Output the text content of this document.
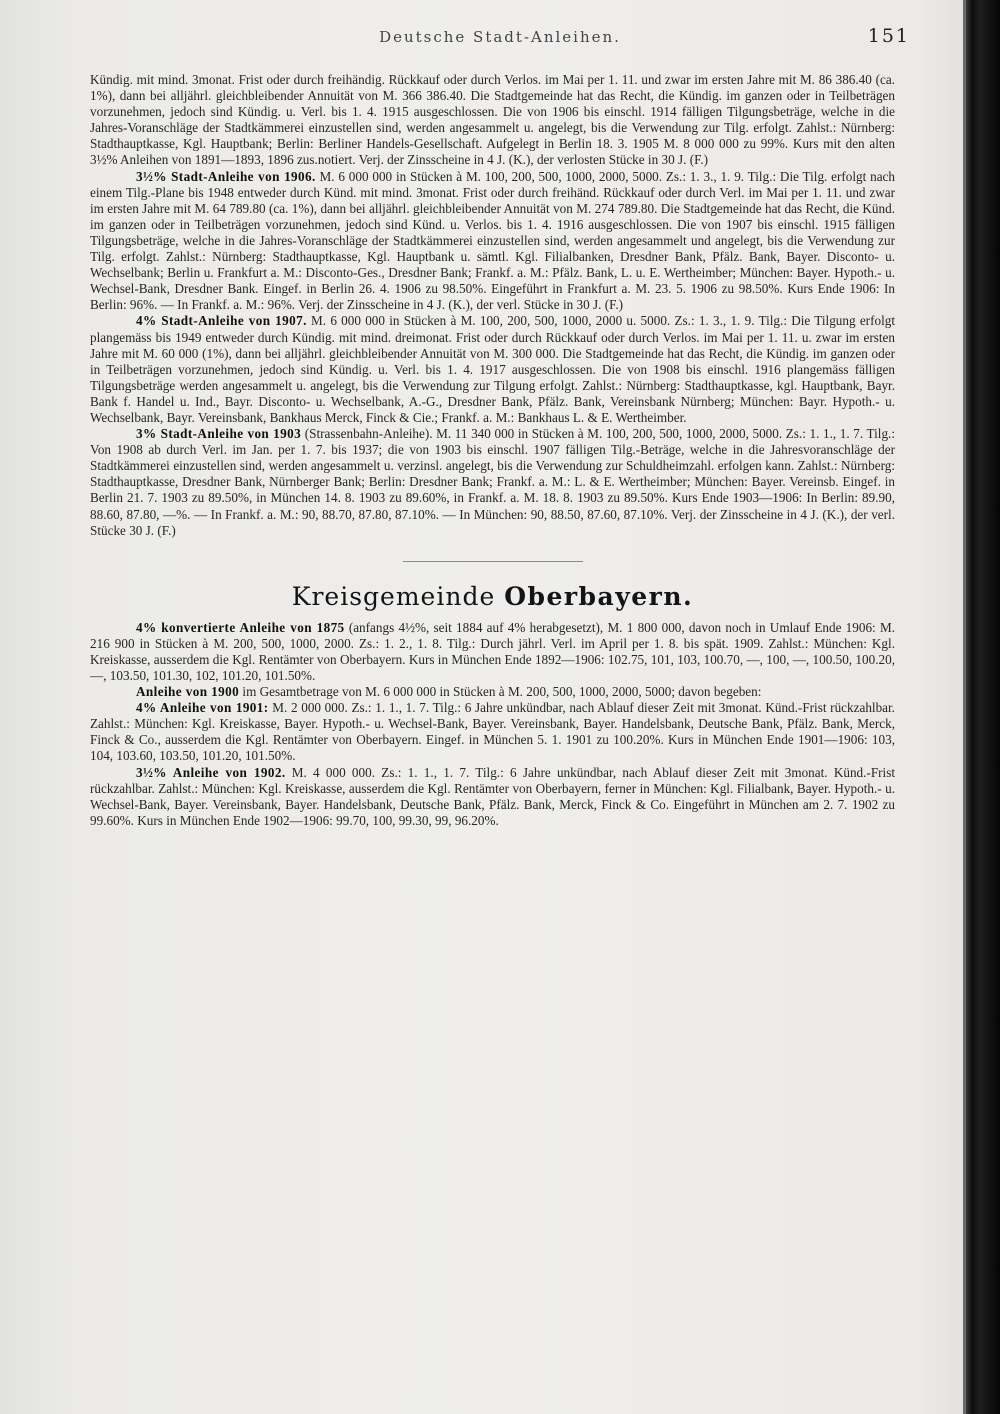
Deutsche Stadt-Anleihen.	151

Kündig. mit mind. 3monat. Frist oder durch freihändig. Rückkauf oder durch Verlos. im Mai per 1. 11. und zwar im ersten Jahre mit M. 86 386.40 (ca. 1%), dann bei alljährl. gleichbleibender Annuität von M. 366 386.40. Die Stadtgemeinde hat das Recht, die Kündig. im ganzen oder in Teilbeträgen vorzunehmen, jedoch sind Kündig. u. Verl. bis 1. 4. 1915 ausgeschlossen. Die von 1906 bis einschl. 1914 fälligen Tilgungsbeträge, welche in die Jahres-Voranschläge der Stadtkämmerei einzustellen sind, werden angesammelt u. angelegt, bis die Verwendung zur Tilg. erfolgt. Zahlst.: Nürnberg: Stadthauptkasse, Kgl. Hauptbank; Berlin: Berliner Handels-Gesellschaft. Aufgelegt in Berlin 18. 3. 1905 M. 8 000 000 zu 99%. Kurs mit den alten 3½% Anleihen von 1891—1893, 1896 zus.notiert. Verj. der Zinsscheine in 4 J. (K.), der verlosten Stücke in 30 J. (F.)

3½% Stadt-Anleihe von 1906. M. 6 000 000 in Stücken à M. 100, 200, 500, 1000, 2000, 5000. Zs.: 1. 3., 1. 9. Tilg.: Die Tilg. erfolgt nach einem Tilg.-Plane bis 1948 entweder durch Künd. mit mind. 3monat. Frist oder durch freihänd. Rückkauf oder durch Verl. im Mai per 1. 11. und zwar im ersten Jahre mit M. 64 789.80 (ca. 1%), dann bei alljährl. gleichbleibender Annuität von M. 274 789.80. Die Stadtgemeinde hat das Recht, die Künd. im ganzen oder in Teilbeträgen vorzunehmen, jedoch sind Künd. u. Verlos. bis 1. 4. 1916 ausgeschlossen. Die von 1907 bis einschl. 1915 fälligen Tilgungsbeträge, welche in die Jahres-Voranschläge der Stadtkämmerei einzustellen sind, werden angesammelt und angelegt, bis die Verwendung zur Tilg. erfolgt. Zahlst.: Nürnberg: Stadthauptkasse, Kgl. Hauptbank u. sämtl. Kgl. Filialbanken, Dresdner Bank, Pfälz. Bank, Bayer. Disconto- u. Wechselbank; Berlin u. Frankfurt a. M.: Disconto-Ges., Dresdner Bank; Frankf. a. M.: Pfälz. Bank, L. u. E. Wertheimber; München: Bayer. Hypoth.- u. Wechsel-Bank, Dresdner Bank. Eingef. in Berlin 26. 4. 1906 zu 98.50%. Eingeführt in Frankfurt a. M. 23. 5. 1906 zu 98.50%. Kurs Ende 1906: In Berlin: 96%. — In Frankf. a. M.: 96%. Verj. der Zinsscheine in 4 J. (K.), der verl. Stücke in 30 J. (F.)

4% Stadt-Anleihe von 1907. M. 6 000 000 in Stücken à M. 100, 200, 500, 1000, 2000 u. 5000. Zs.: 1. 3., 1. 9. Tilg.: Die Tilgung erfolgt plangemäss bis 1949 entweder durch Kündig. mit mind. dreimonat. Frist oder durch Rückkauf oder durch Verlos. im Mai per 1. 11. u. zwar im ersten Jahre mit M. 60 000 (1%), dann bei alljährl. gleichbleibender Annuität von M. 300 000. Die Stadtgemeinde hat das Recht, die Kündig. im ganzen oder in Teilbeträgen vorzunehmen, jedoch sind Kündig. u. Verl. bis 1. 4. 1917 ausgeschlossen. Die von 1908 bis einschl. 1916 plangemäss fälligen Tilgungsbeträge werden angesammelt u. angelegt, bis die Verwendung zur Tilgung erfolgt. Zahlst.: Nürnberg: Stadthauptkasse, kgl. Hauptbank, Bayr. Bank f. Handel u. Ind., Bayr. Disconto- u. Wechselbank, A.-G., Dresdner Bank, Pfälz. Bank, Vereinsbank Nürnberg; München: Bayr. Hypoth.- u. Wechselbank, Bayr. Vereinsbank, Bankhaus Merck, Finck & Cie.; Frankf. a. M.: Bankhaus L. & E. Wertheimber.

3% Stadt-Anleihe von 1903 (Strassenbahn-Anleihe). M. 11 340 000 in Stücken à M. 100, 200, 500, 1000, 2000, 5000. Zs.: 1. 1., 1. 7. Tilg.: Von 1908 ab durch Verl. im Jan. per 1. 7. bis 1937; die von 1903 bis einschl. 1907 fälligen Tilg.-Beträge, welche in die Jahresvoranschläge der Stadtkämmerei einzustellen sind, werden angesammelt u. verzinsl. angelegt, bis die Verwendung zur Schuldheimzahl. erfolgen kann. Zahlst.: Nürnberg: Stadthauptkasse, Dresdner Bank, Nürnberger Bank; Berlin: Dresdner Bank; Frankf. a. M.: L. & E. Wertheimber; München: Bayer. Vereinsb. Eingef. in Berlin 21. 7. 1903 zu 89.50%, in München 14. 8. 1903 zu 89.60%, in Frankf. a. M. 18. 8. 1903 zu 89.50%. Kurs Ende 1903—1906: In Berlin: 89.90, 88.60, 87.80, —%. — In Frankf. a. M.: 90, 88.70, 87.80, 87.10%. — In München: 90, 88.50, 87.60, 87.10%. Verj. der Zinsscheine in 4 J. (K.), der verl. Stücke 30 J. (F.)

Kreisgemeinde Oberbayern.

4% konvertierte Anleihe von 1875 (anfangs 4½%, seit 1884 auf 4% herabgesetzt), M. 1 800 000, davon noch in Umlauf Ende 1906: M. 216 900 in Stücken à M. 200, 500, 1000, 2000. Zs.: 1. 2., 1. 8. Tilg.: Durch jährl. Verl. im April per 1. 8. bis spät. 1909. Zahlst.: München: Kgl. Kreiskasse, ausserdem die Kgl. Rentämter von Oberbayern. Kurs in München Ende 1892—1906: 102.75, 101, 103, 100.70, —, 100, —, 100.50, 100.20, —, 103.50, 101.30, 102, 101.20, 101.50%.

Anleihe von 1900 im Gesamtbetrage von M. 6 000 000 in Stücken à M. 200, 500, 1000, 2000, 5000; davon begeben:

4% Anleihe von 1901: M. 2 000 000. Zs.: 1. 1., 1. 7. Tilg.: 6 Jahre unkündbar, nach Ablauf dieser Zeit mit 3monat. Künd.-Frist rückzahlbar. Zahlst.: München: Kgl. Kreiskasse, Bayer. Hypoth.- u. Wechsel-Bank, Bayer. Vereinsbank, Bayer. Handelsbank, Deutsche Bank, Pfälz. Bank, Merck, Finck & Co., ausserdem die Kgl. Rentämter von Oberbayern. Eingef. in München 5. 1. 1901 zu 100.20%. Kurs in München Ende 1901—1906: 103, 104, 103.60, 103.50, 101.20, 101.50%.

3½% Anleihe von 1902. M. 4 000 000. Zs.: 1. 1., 1. 7. Tilg.: 6 Jahre unkündbar, nach Ablauf dieser Zeit mit 3monat. Künd.-Frist rückzahlbar. Zahlst.: München: Kgl. Kreiskasse, ausserdem die Kgl. Rentämter von Oberbayern, ferner in München: Kgl. Filialbank, Bayer. Hypoth.- u. Wechsel-Bank, Bayer. Vereinsbank, Bayer. Handelsbank, Deutsche Bank, Pfälz. Bank, Merck, Finck & Co. Eingeführt in München am 2. 7. 1902 zu 99.60%. Kurs in München Ende 1902—1906: 99.70, 100, 99.30, 99, 96.20%.
